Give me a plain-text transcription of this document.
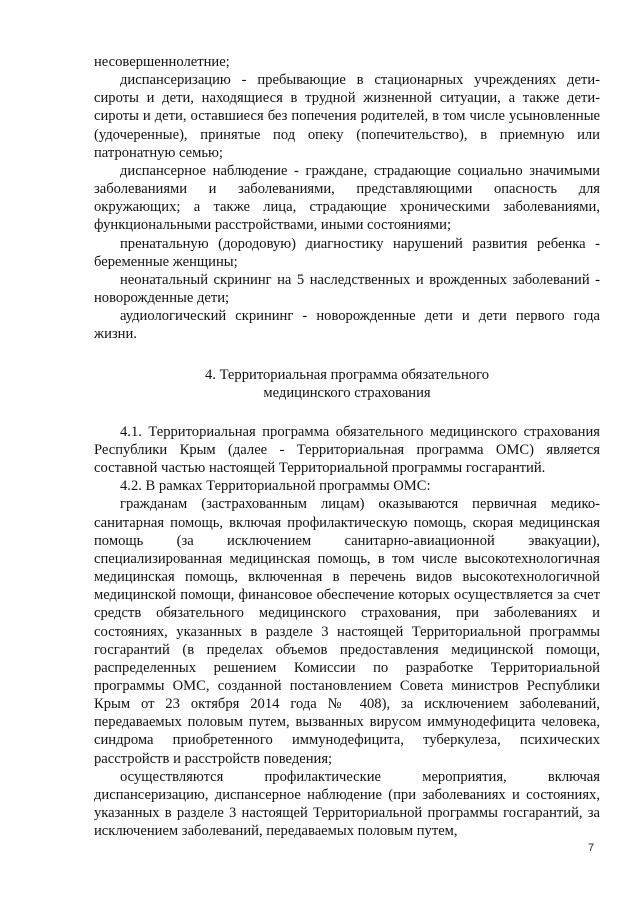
несовершеннолетние;

диспансеризацию - пребывающие в стационарных учреждениях дети-сироты и дети, находящиеся в трудной жизненной ситуации, а также дети-сироты и дети, оставшиеся без попечения родителей, в том числе усыновленные (удочеренные), принятые под опеку (попечительство), в приемную или патронатную семью;

диспансерное наблюдение - граждане, страдающие социально значимыми заболеваниями и заболеваниями, представляющими опасность для окружающих; а также лица, страдающие хроническими заболеваниями, функциональными расстройствами, иными состояниями;

пренатальную (дородовую) диагностику нарушений развития ребенка - беременные женщины;

неонатальный скрининг на 5 наследственных и врожденных заболеваний - новорожденные дети;

аудиологический скрининг - новорожденные дети и дети первого года жизни.

4. Территориальная программа обязательного
медицинского страхования

4.1. Территориальная программа обязательного медицинского страхования Республики Крым (далее - Территориальная программа ОМС) является составной частью настоящей Территориальной программы госгарантий.

4.2. В рамках Территориальной программы ОМС:

гражданам (застрахованным лицам) оказываются первичная медико-санитарная помощь, включая профилактическую помощь, скорая медицинская помощь (за исключением санитарно-авиационной эвакуации), специализированная медицинская помощь, в том числе высокотехнологичная медицинская помощь, включенная в перечень видов высокотехнологичной медицинской помощи, финансовое обеспечение которых осуществляется за счет средств обязательного медицинского страхования, при заболеваниях и состояниях, указанных в разделе 3 настоящей Территориальной программы госгарантий (в пределах объемов предоставления медицинской помощи, распределенных решением Комиссии по разработке Территориальной программы ОМС, созданной постановлением Совета министров Республики Крым от 23 октября 2014 года № 408), за исключением заболеваний, передаваемых половым путем, вызванных вирусом иммунодефицита человека, синдрома приобретенного иммунодефицита, туберкулеза, психических расстройств и расстройств поведения;

осуществляются профилактические мероприятия, включая диспансеризацию, диспансерное наблюдение (при заболеваниях и состояниях, указанных в разделе 3 настоящей Территориальной программы госгарантий, за исключением заболеваний, передаваемых половым путем,

7
